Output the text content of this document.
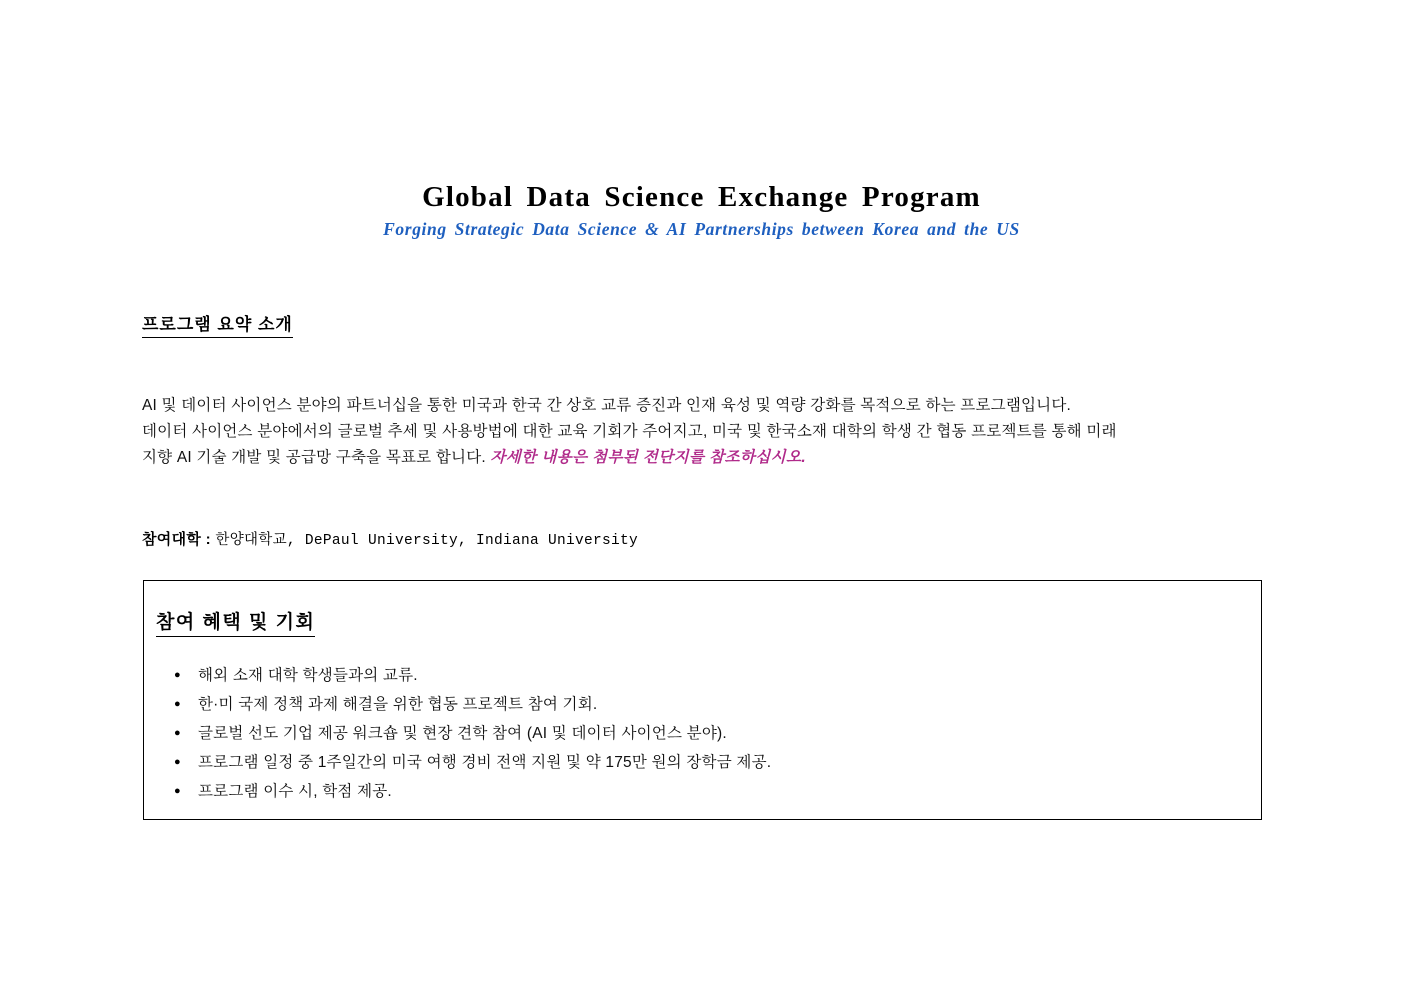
Global Data Science Exchange Program
Forging Strategic Data Science & AI Partnerships between Korea and the US
프로그램 요약 소개
AI 및 데이터 사이언스 분야의 파트너십을 통한 미국과 한국 간 상호 교류 증진과 인재 육성 및 역량 강화를 목적으로 하는 프로그램입니다.
데이터 사이언스 분야에서의 글로벌 추세 및 사용방법에 대한 교육 기회가 주어지고, 미국 및 한국소재 대학의 학생 간 협동 프로젝트를 통해 미래
지향 AI 기술 개발 및 공급망 구축을 목표로 합니다. 자세한 내용은 첨부된 전단지를 참조하십시오.
참여대학 : 한양대학교, DePaul University, Indiana University
참여 혜택 및 기회
● 해외 소재 대학 학생들과의 교류.
● 한·미 국제 정책 과제 해결을 위한 협동 프로젝트 참여 기회.
● 글로벌 선도 기업 제공 워크숍 및 현장 견학 참여 (AI 및 데이터 사이언스 분야).
● 프로그램 일정 중 1주일간의 미국 여행 경비 전액 지원 및 약 175만 원의 장학금 제공.
● 프로그램 이수 시, 학점 제공.
